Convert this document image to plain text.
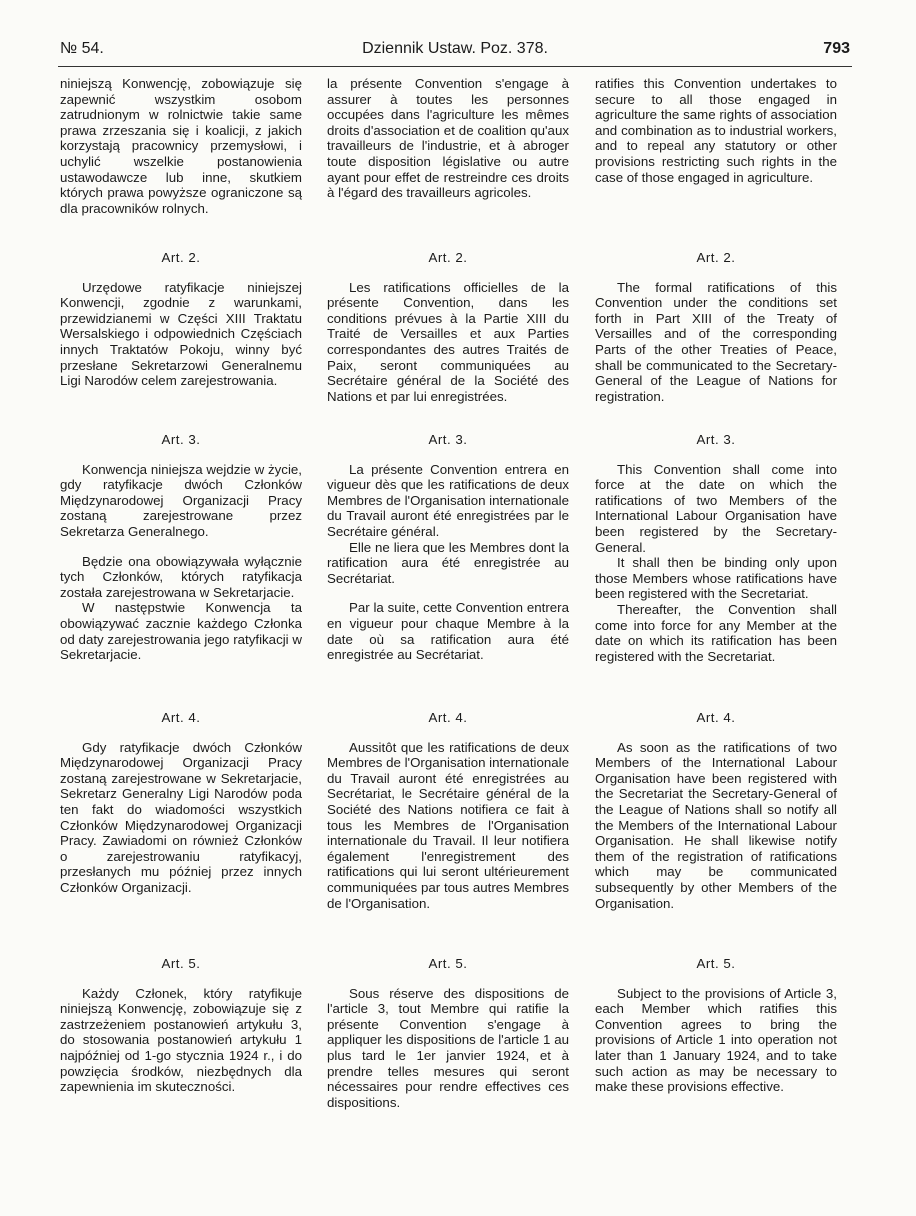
№ 54.	Dziennik Ustaw. Poz. 378.	793

niniejszą Konwencję, zobowiązuje się zapewnić wszystkim osobom zatrudnionym w rolnictwie takie same prawa zrzeszania się i koalicji, z jakich korzystają pracownicy przemysłowi, i uchylić wszelkie postanowienia ustawodawcze lub inne, skutkiem których prawa powyższe ograniczone są dla pracowników rolnych.

Art. 2.

Urzędowe ratyfikacje niniejszej Konwencji, zgodnie z warunkami, przewidzianemi w Części XIII Traktatu Wersalskiego i odpowiednich Częściach innych Traktatów Pokoju, winny być przesłane Sekretarzowi Generalnemu Ligi Narodów celem zarejestrowania.

Art. 3.

Konwencja niniejsza wejdzie w życie, gdy ratyfikacje dwóch Członków Międzynarodowej Organizacji Pracy zostaną zarejestrowane przez Sekretarza Generalnego.

Będzie ona obowiązywała wyłącznie tych Członków, których ratyfikacja została zarejestrowana w Sekretarjacie.

W następstwie Konwencja ta obowiązywać zacznie każdego Członka od daty zarejestrowania jego ratyfikacji w Sekretarjacie.

Art. 4.

Gdy ratyfikacje dwóch Członków Międzynarodowej Organizacji Pracy zostaną zarejestrowane w Sekretarjacie, Sekretarz Generalny Ligi Narodów poda ten fakt do wiadomości wszystkich Członków Międzynarodowej Organizacji Pracy. Zawiadomi on również Członków o zarejestrowaniu ratyfikacyj, przesłanych mu później przez innych Członków Organizacji.

Art. 5.

Każdy Członek, który ratyfikuje niniejszą Konwencję, zobowiązuje się z zastrzeżeniem postanowień artykułu 3, do stosowania postanowień artykułu 1 najpóźniej od 1-go stycznia 1924 r., i do powzięcia środków, niezbędnych dla zapewnienia im skuteczności.

la présente Convention s'engage à assurer à toutes les personnes occupées dans l'agriculture les mêmes droits d'association et de coalition qu'aux travailleurs de l'industrie, et à abroger toute disposition législative ou autre ayant pour effet de restreindre ces droits à l'égard des travailleurs agricoles.

Art. 2.

Les ratifications officielles de la présente Convention, dans les conditions prévues à la Partie XIII du Traité de Versailles et aux Parties correspondantes des autres Traités de Paix, seront communiquées au Secrétaire général de la Société des Nations et par lui enregistrées.

Art. 3.

La présente Convention entrera en vigueur dès que les ratifications de deux Membres de l'Organisation internationale du Travail auront été enregistrées par le Secrétaire général.

Elle ne liera que les Membres dont la ratification aura été enregistrée au Secrétariat.

Par la suite, cette Convention entrera en vigueur pour chaque Membre à la date où sa ratification aura été enregistrée au Secrétariat.

Art. 4.

Aussitôt que les ratifications de deux Membres de l'Organisation internationale du Travail auront été enregistrées au Secrétariat, le Secrétaire général de la Société des Nations notifiera ce fait à tous les Membres de l'Organisation internationale du Travail. Il leur notifiera également l'enregistrement des ratifications qui lui seront ultérieurement communiquées par tous autres Membres de l'Organisation.

Art. 5.

Sous réserve des dispositions de l'article 3, tout Membre qui ratifie la présente Convention s'engage à appliquer les dispositions de l'article 1 au plus tard le 1er janvier 1924, et à prendre telles mesures qui seront nécessaires pour rendre effectives ces dispositions.

ratifies this Convention undertakes to secure to all those engaged in agriculture the same rights of association and combination as to industrial workers, and to repeal any statutory or other provisions restricting such rights in the case of those engaged in agriculture.

Art. 2.

The formal ratifications of this Convention under the conditions set forth in Part XIII of the Treaty of Versailles and of the corresponding Parts of the other Treaties of Peace, shall be communicated to the Secretary-General of the League of Nations for registration.

Art. 3.

This Convention shall come into force at the date on which the ratifications of two Members of the International Labour Organisation have been registered by the Secretary-General.

It shall then be binding only upon those Members whose ratifications have been registered with the Secretariat.

Thereafter, the Convention shall come into force for any Member at the date on which its ratification has been registered with the Secretariat.

Art. 4.

As soon as the ratifications of two Members of the International Labour Organisation have been registered with the Secretariat the Secretary-General of the League of Nations shall so notify all the Members of the International Labour Organisation. He shall likewise notify them of the registration of ratifications which may be communicated subsequently by other Members of the Organisation.

Art. 5.

Subject to the provisions of Article 3, each Member which ratifies this Convention agrees to bring the provisions of Article 1 into operation not later than 1 January 1924, and to take such action as may be necessary to make these provisions effective.
